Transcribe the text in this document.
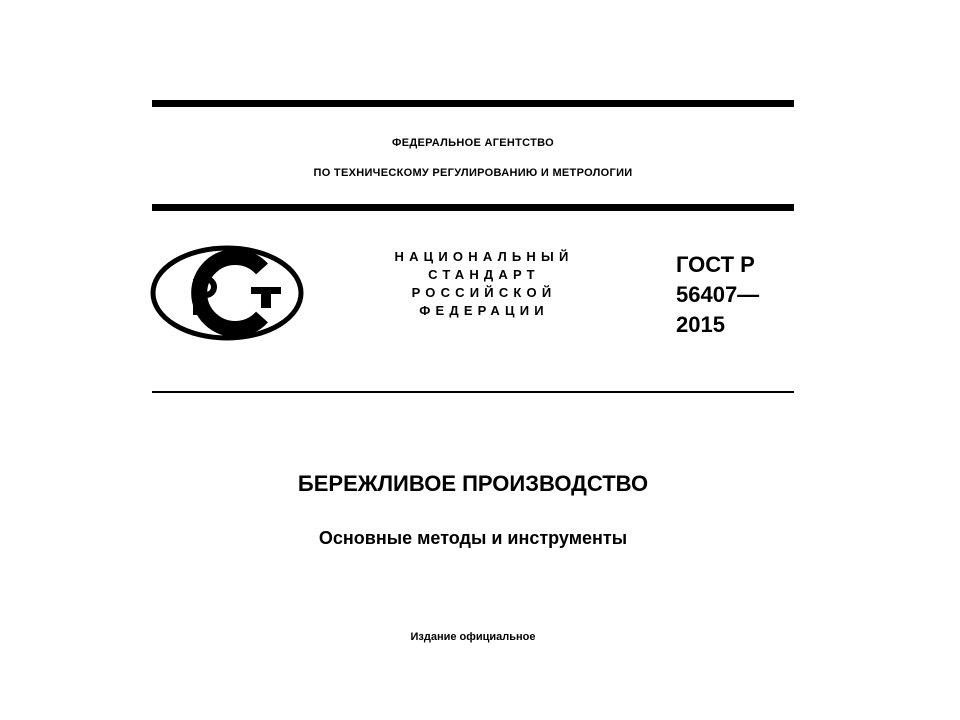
ФЕДЕРАЛЬНОЕ АГЕНТСТВО
ПО ТЕХНИЧЕСКОМУ РЕГУЛИРОВАНИЮ И МЕТРОЛОГИИ
НАЦИОНАЛЬНЫЙ
СТАНДАРТ
РОССИЙСКОЙ
ФЕДЕРАЦИИ
ГОСТ Р
56407—
2015
БЕРЕЖЛИВОЕ ПРОИЗВОДСТВО
Основные методы и инструменты
Издание официальное
